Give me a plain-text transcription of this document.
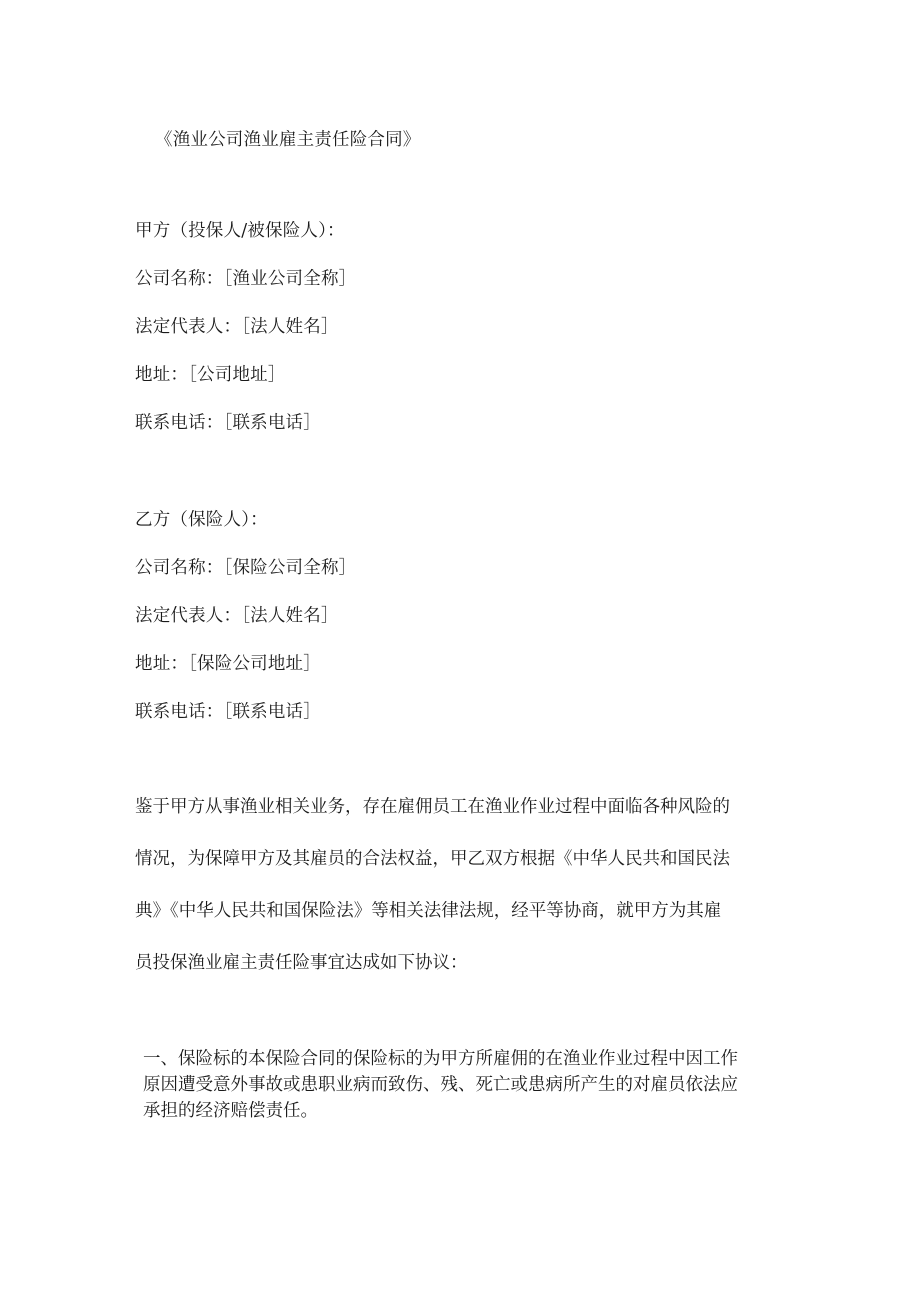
《渔业公司渔业雇主责任险合同》
甲方（投保人/被保险人）：
公司名称：［渔业公司全称］
法定代表人：［法人姓名］
地址：［公司地址］
联系电话：［联系电话］
乙方（保险人）：
公司名称：［保险公司全称］
法定代表人：［法人姓名］
地址：［保险公司地址］
联系电话：［联系电话］
鉴于甲方从事渔业相关业务，存在雇佣员工在渔业作业过程中面临各种风险的
情况，为保障甲方及其雇员的合法权益，甲乙双方根据《中华人民共和国民法
典》《中华人民共和国保险法》等相关法律法规，经平等协商，就甲方为其雇
员投保渔业雇主责任险事宜达成如下协议：
一、保险标的本保险合同的保险标的为甲方所雇佣的在渔业作业过程中因工作
原因遭受意外事故或患职业病而致伤、残、死亡或患病所产生的对雇员依法应
承担的经济赔偿责任。
